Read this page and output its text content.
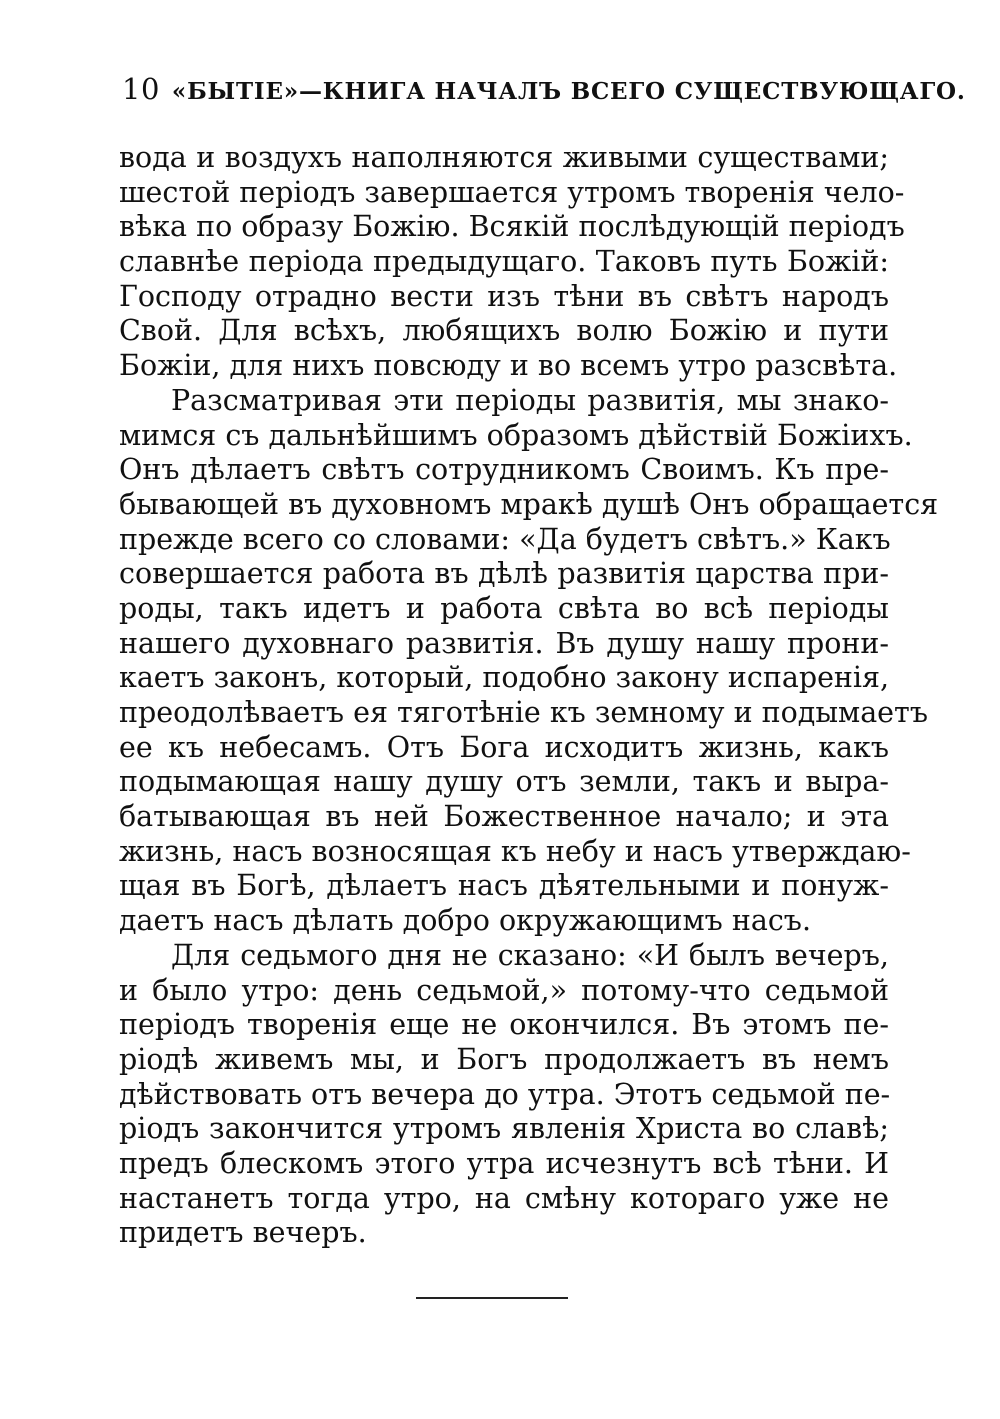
10 «БЫТІЕ»—КНИГА НАЧАЛЪ ВСЕГО СУЩЕСТВУЮЩАГО.
вода и воздухъ наполняются живыми существами;
шестой періодъ завершается утромъ творенія чело-
вѣка по образу Божію. Всякій послѣдующій періодъ
славнѣе періода предыдущаго. Таковъ путь Божій:
Господу отрадно вести изъ тѣни въ свѣтъ народъ
Свой. Для всѣхъ, любящихъ волю Божію и пути
Божіи, для нихъ повсюду и во всемъ утро разсвѣта.
Разсматривая эти періоды развитія, мы знако-
мимся съ дальнѣйшимъ образомъ дѣйствій Божіихъ.
Онъ дѣлаетъ свѣтъ сотрудникомъ Своимъ. Къ пре-
бывающей въ духовномъ мракѣ душѣ Онъ обращается
прежде всего со словами: «Да будетъ свѣтъ.» Какъ
совершается работа въ дѣлѣ развитія царства при-
роды, такъ идетъ и работа свѣта во всѣ періоды
нашего духовнаго развитія. Въ душу нашу прони-
каетъ законъ, который, подобно закону испаренія,
преодолѣваетъ ея тяготѣніе къ земному и подымаетъ
ее къ небесамъ. Отъ Бога исходитъ жизнь, какъ
подымающая нашу душу отъ земли, такъ и выра-
батывающая въ ней Божественное начало; и эта
жизнь, насъ возносящая къ небу и насъ утверждаю-
щая въ Богѣ, дѣлаетъ насъ дѣятельными и понуж-
даетъ насъ дѣлать добро окружающимъ насъ.
Для седьмого дня не сказано: «И былъ вечеръ,
и было утро: день седьмой,» потому-что седьмой
періодъ творенія еще не окончился. Въ этомъ пе-
ріодѣ живемъ мы, и Богъ продолжаетъ въ немъ
дѣйствовать отъ вечера до утра. Этотъ седьмой пе-
ріодъ закончится утромъ явленія Христа во славѣ;
предъ блескомъ этого утра исчезнутъ всѣ тѣни. И
настанетъ тогда утро, на смѣну котораго уже не
придетъ вечеръ.
